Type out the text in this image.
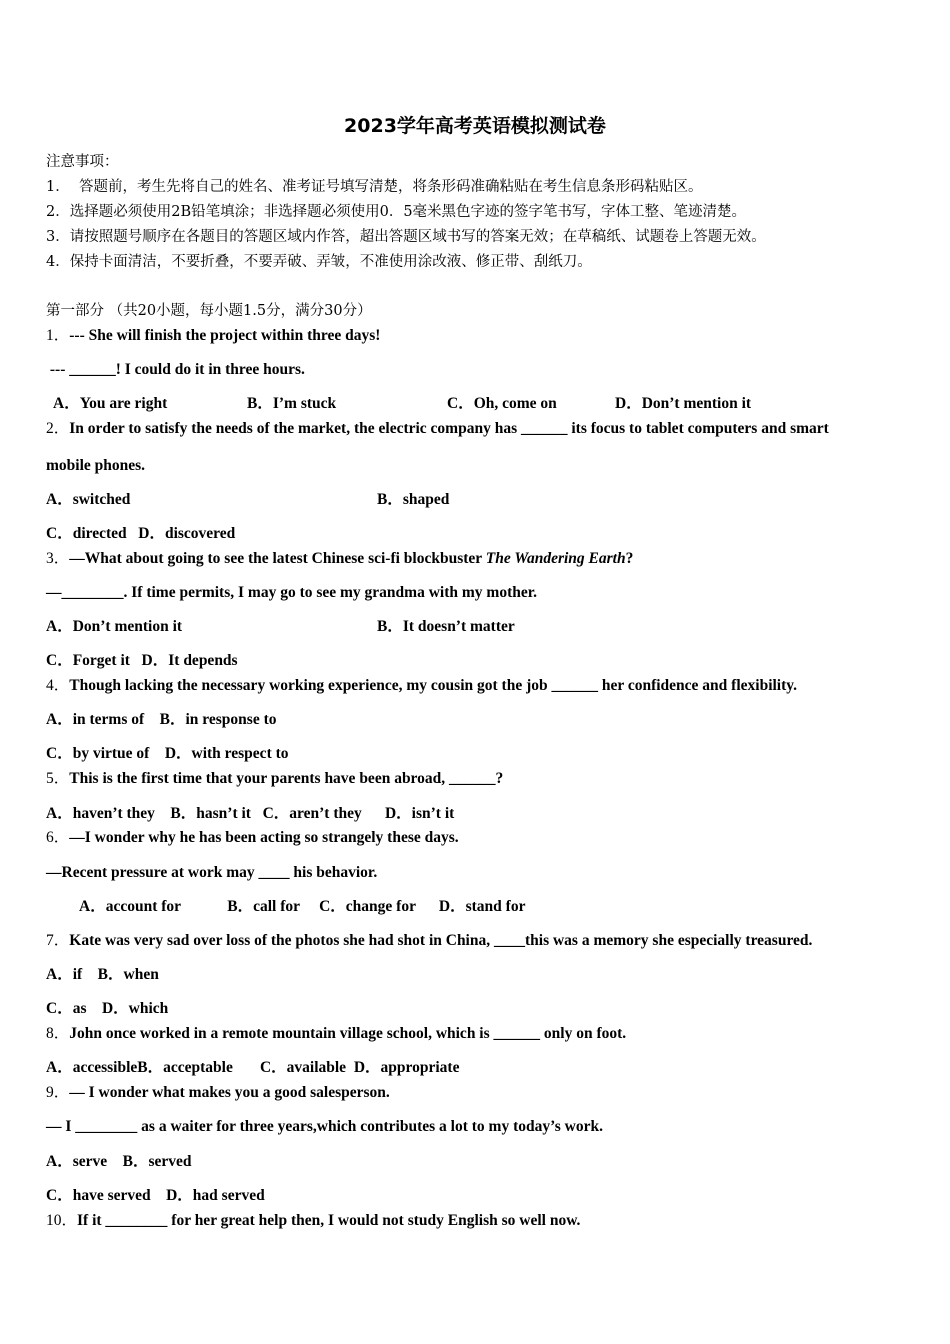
2023学年高考英语模拟测试卷
注意事项：
1．  答题前，考生先将自己的姓名、准考证号填写清楚，将条形码准确粘贴在考生信息条形码粘贴区。
2．选择题必须使用2B铅笔填涂；非选择题必须使用0．5毫米黑色字迹的签字笔书写，字体工整、笔迹清楚。
3．请按照题号顺序在各题目的答题区域内作答，超出答题区域书写的答案无效；在草稿纸、试题卷上答题无效。
4．保持卡面清洁，不要折叠，不要弄破、弄皱，不准使用涂改液、修正带、刮纸刀。
第一部分 （共20小题，每小题1.5分，满分30分）
1．--- She will finish the project within three days!
--- ______! I could do it in three hours.
A．You are right	B．I’m stuck	C．Oh, come on	D．Don’t mention it
2．In order to satisfy the needs of the market, the electric company has ______ its focus to tablet computers and smart
mobile phones.
A．switched	B．shaped
C．directed   D．discovered
3．—What about going to see the latest Chinese sci-fi blockbuster The Wandering Earth?
—________. If time permits, I may go to see my grandma with my mother.
A．Don’t mention it	B．It doesn’t matter
C．Forget it   D．It depends
4．Though lacking the necessary working experience, my cousin got the job ______ her confidence and flexibility.
A．in terms of    B．in response to
C．by virtue of    D．with respect to
5．This is the first time that your parents have been abroad, ______?
A．haven’t they    B．hasn’t it   C．aren’t they      D．isn’t it
6．—I wonder why he has been acting so strangely these days.
—Recent pressure at work may ____ his behavior.
A．account for            B．call for     C．change for      D．stand for
7．Kate was very sad over loss of the photos she had shot in China, ____this was a memory she especially treasured.
A．if    B．when
C．as    D．which
8．John once worked in a remote mountain village school, which is ______ only on foot.
A．accessibleB．acceptable       C．available  D．appropriate
9．— I wonder what makes you a good salesperson.
— I ________ as a waiter for three years,which contributes a lot to my today’s work.
A．serve    B．served
C．have served    D．had served
10．If it ________ for her great help then, I would not study English so well now.
